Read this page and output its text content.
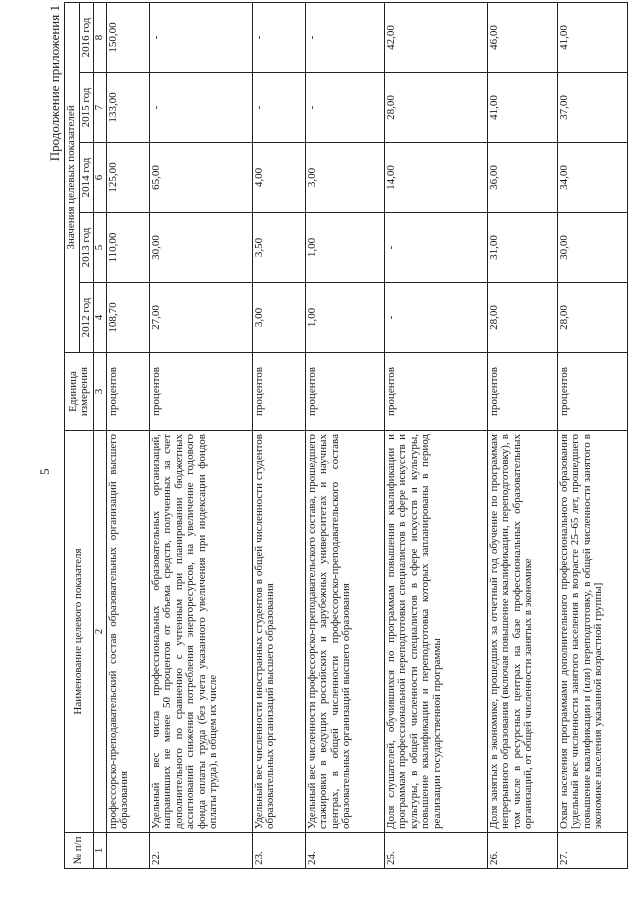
5
Продолжение приложения 1
№ п/п	Наименование целевого показателя	Единица измерения	Значения целевых показателей				
			2012 год	2013 год	2014 год	2015 год	2016 год
1	2	3	4	5	6	7	8
	профессорско-преподавательский состав образовательных организаций высшего образования	процентов	108,70	110,00	125,00	133,00	150,00
22.	Удельный вес числа профессиональных образовательных организаций, направивших не менее 50 процентов от объема средств, полученных за счет дополнительного по сравнению с учтенным при планировании бюджетных ассигнований снижения потребления энергоресурсов, на увеличение годового фонда оплаты труда (без учета указанного увеличения при индексации фондов оплаты труда), в общем их числе	процентов	27,00	30,00	65,00	-	-
23.	Удельный вес численности иностранных студентов в общей численности студентов образовательных организаций высшего образования	процентов	3,00	3,50	4,00	-	-
24.	Удельный вес численности профессорско-преподавательского состава, прошедшего стажировки в ведущих российских и зарубежных университетах и научных центрах, в общей численности профессорско-преподавательского состава образовательных организаций высшего образования	процентов	1,00	1,00	3,00	-	-
25.	Доля слушателей, обучившихся по программам повышения квалификации и программам профессиональной переподготовки специалистов в сфере искусств и культуры, в общей численности специалистов в сфере искусств и культуры, повышение квалификации и переподготовка которых запланированы в период реализации государственной программы	процентов	-	-	14,00	28,00	42,00
26.	Доля занятых в экономике, прошедших за отчетный год обучение по программам непрерывного образования (включая повышение квалификации, переподготовку), в том числе в ресурсных центрах на базе профессиональных образовательных организаций, от общей численности занятых в экономике	процентов	28,00	31,00	36,00	41,00	46,00
27.	Охват населения программами дополнительного профессионального образования [удельный вес численности занятого населения в возрасте 25–65 лет, прошедшего повышение квалификации и (или) переподготовку, в общей численности занятого в экономике населения указанной возрастной группы]	процентов	28,00	30,00	34,00	37,00	41,00
